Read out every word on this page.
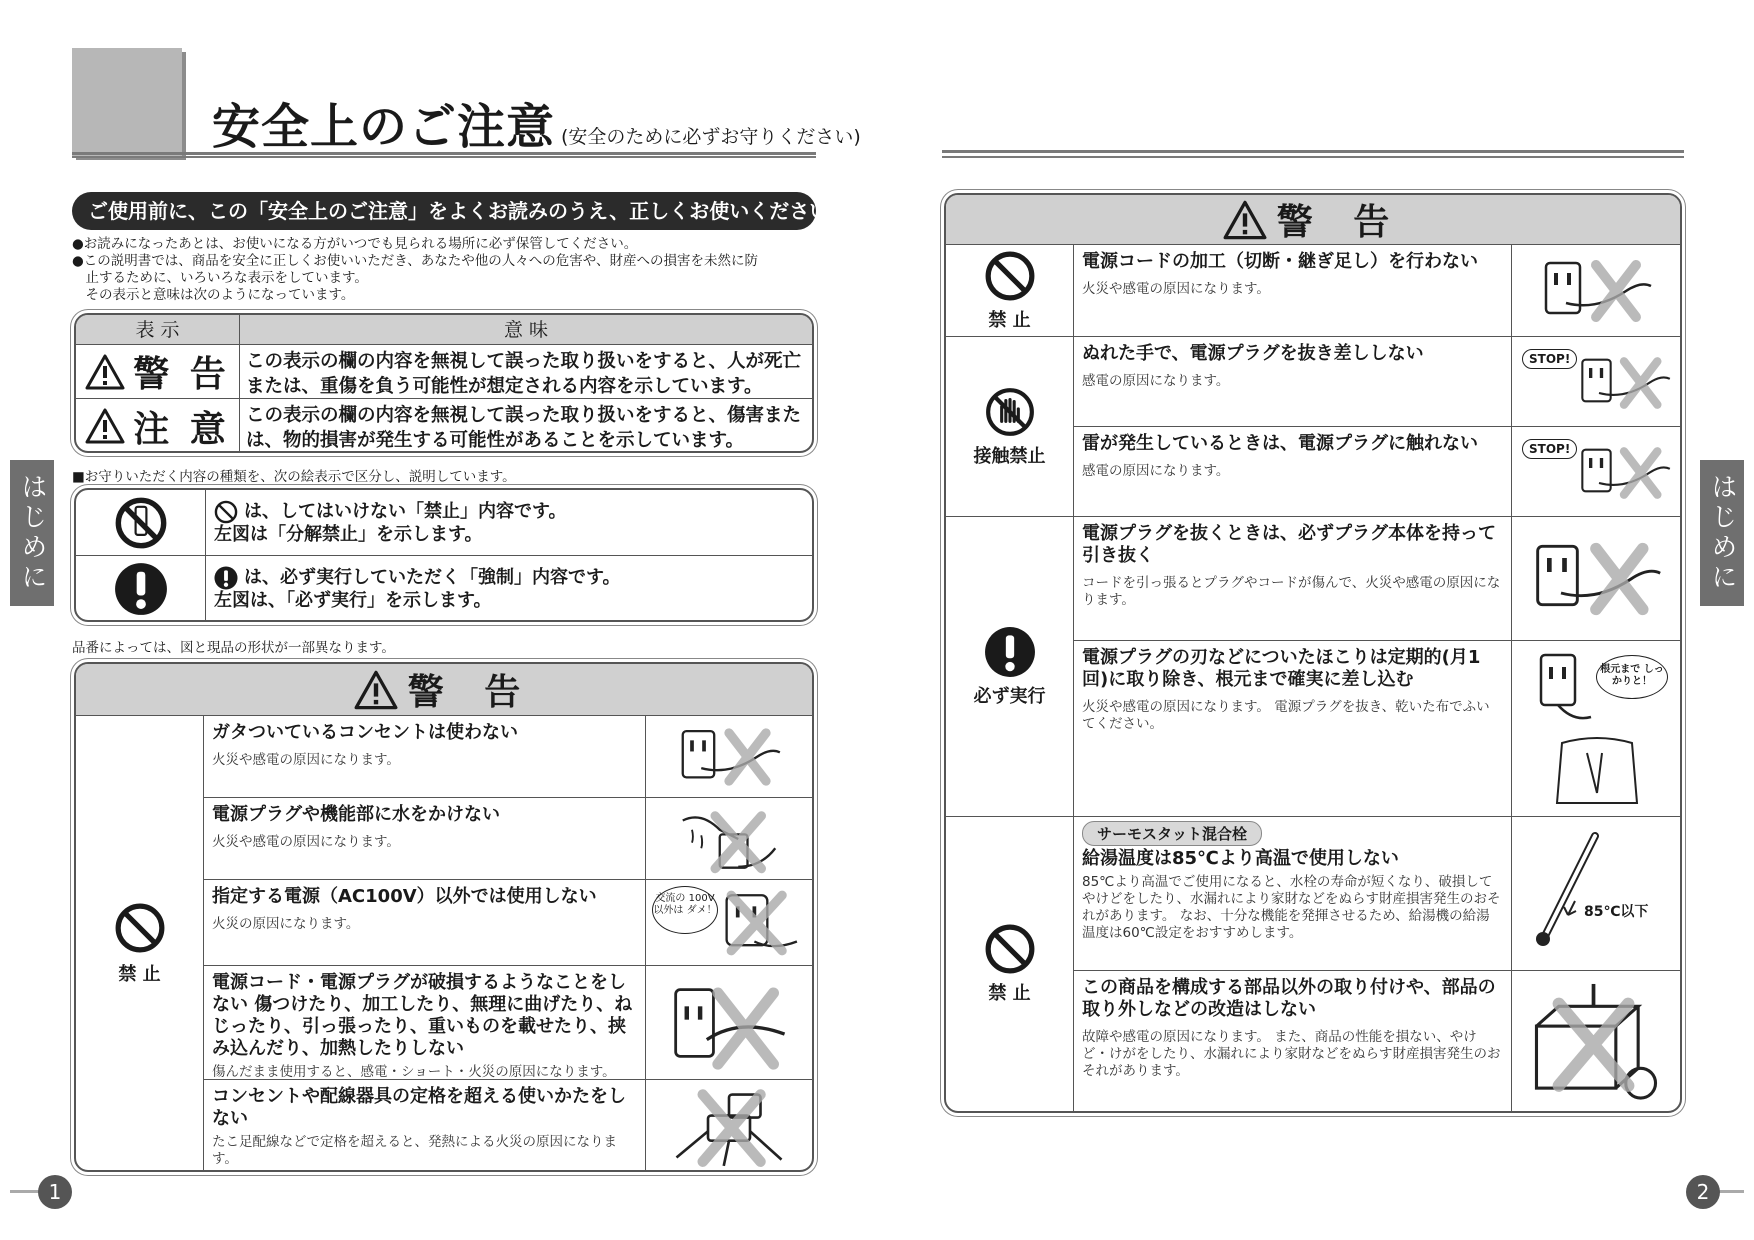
安全上のご注意 (安全のために必ずお守りください)
ご使用前に、この「安全上のご注意」をよくお読みのうえ、正しくお使いください。

●お読みになったあとは、お使いになる方がいつでも見られる場所に必ず保管してください。

●この説明書では、商品を安全に正しくお使いいただき、あなたや他の人々への危害や、財産への損害を未然に防

　止するために、いろいろな表示をしています。

　その表示と意味は次のようになっています。

表 示	意 味
警 告 この表示の欄の内容を無視して誤った取り扱いをすると、人が死亡または、重傷を負う可能性が想定される内容を示しています。
注 意 この表示の欄の内容を無視して誤った取り扱いをすると、傷害または、物的損害が発生する可能性があることを示しています。
■お守りいただく内容の種類を、次の絵表示で区分し、説明しています。
は、してはいけない「禁止」内容です。
左図は「分解禁止」を示します。
は、必ず実行していただく「強制」内容です。
左図は、「必ず実行」を示します。
品番によっては、図と現品の形状が一部異なります。
警 告
禁 止
ガタついているコンセントは使わない
火災や感電の原因になります。
電源プラグや機能部に水をかけない
火災や感電の原因になります。
指定する電源（AC100V）以外では使用しない
火災の原因になります。
交流の 100V以外は ダメ！
電源コード・電源プラグが破損するようなことをしない 傷つけたり、加工したり、無理に曲げたり、ねじったり、引っ張ったり、重いものを載せたり、挟み込んだり、加熱したりしない
傷んだまま使用すると、感電・ショート・火災の原因になります。
コンセントや配線器具の定格を超える使いかたをしない
たこ足配線などで定格を超えると、発熱による火災の原因になります。
はじめに
1
警 告
禁 止
接触禁止
必ず実行
禁 止
電源コードの加工（切断・継ぎ足し）を行わない
火災や感電の原因になります。
ぬれた手で、電源プラグを抜き差ししない
感電の原因になります。
STOP!
雷が発生しているときは、電源プラグに触れない
感電の原因になります。
STOP!
電源プラグを抜くときは、必ずプラグ本体を持って引き抜く
コードを引っ張るとプラグやコードが傷んで、火災や感電の原因になります。
電源プラグの刃などについたほこりは定期的(月1回)に取り除き、根元まで確実に差し込む
火災や感電の原因になります。 電源プラグを抜き、乾いた布でふいてください。
根元まで しっかりと！
サーモスタット混合栓
給湯温度は85℃より高温で使用しない
85℃より高温でご使用になると、水栓の寿命が短くなり、破損してやけどをしたり、水漏れにより家財などをぬらす財産損害発生のおそれがあります。 なお、十分な機能を発揮させるため、給湯機の給湯温度は60℃設定をおすすめします。
85℃以下
この商品を構成する部品以外の取り付けや、部品の取り外しなどの改造はしない
故障や感電の原因になります。 また、商品の性能を損ない、やけど・けがをしたり、水漏れにより家財などをぬらす財産損害発生のおそれがあります。
はじめに
2
